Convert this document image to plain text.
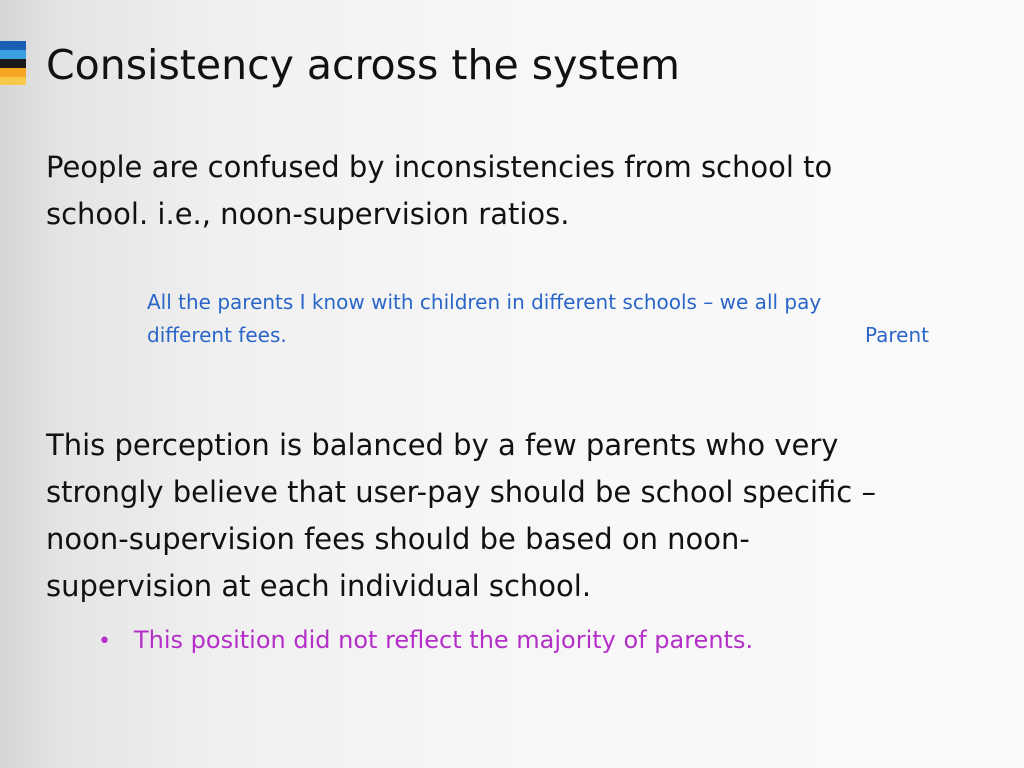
Consistency across the system
People are confused by inconsistencies from school to
school. i.e., noon-supervision ratios.
All the parents I know with children in different schools – we all pay
different fees.	Parent
This perception is balanced by a few parents who very
strongly believe that user-pay should be school specific –
noon-supervision fees should be based on noon-
supervision at each individual school.
• This position did not reflect the majority of parents.
